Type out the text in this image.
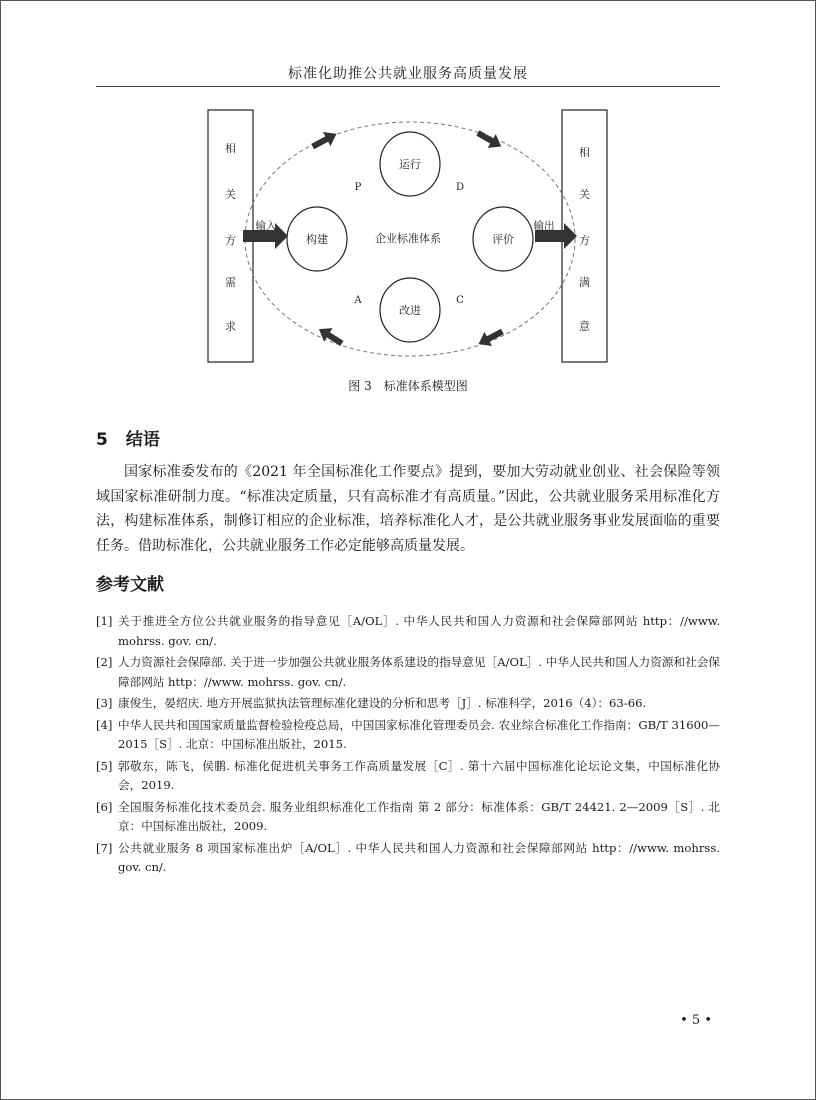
标准化助推公共就业服务高质量发展
相
关
方
需
求
相
关
方
满
意
运行
构建	评价
改进
企业标准体系
P	D
A	C
输入	输出
图 3　标准体系模型图
5 结语
国家标准委发布的《2021 年全国标准化工作要点》提到，要加大劳动就业创业、社会保险等领域国家标准研制力度。“标准决定质量，只有高标准才有高质量。”因此，公共就业服务采用标准化方法，构建标准体系，制修订相应的企业标准，培养标准化人才，是公共就业服务事业发展面临的重要任务。借助标准化，公共就业服务工作必定能够高质量发展。
参考文献
[1] 关于推进全方位公共就业服务的指导意见［A/OL］. 中华人民共和国人力资源和社会保障部网站 http：//www. mohrss. gov. cn/.
[2] 人力资源社会保障部. 关于进一步加强公共就业服务体系建设的指导意见［A/OL］. 中华人民共和国人力资源和社会保障部网站 http：//www. mohrss. gov. cn/.
[3] 康俊生，晏绍庆. 地方开展监狱执法管理标准化建设的分析和思考［J］. 标准科学，2016（4）：63-66.
[4] 中华人民共和国国家质量监督检验检疫总局，中国国家标准化管理委员会. 农业综合标准化工作指南：GB/T 31600—2015［S］. 北京：中国标准出版社，2015.
[5] 郭敬东，陈飞，侯鹏. 标准化促进机关事务工作高质量发展［C］. 第十六届中国标准化论坛论文集，中国标准化协会，2019.
[6] 全国服务标准化技术委员会. 服务业组织标准化工作指南 第 2 部分：标准体系：GB/T 24421. 2—2009［S］. 北京：中国标准出版社，2009.
[7] 公共就业服务 8 项国家标准出炉［A/OL］. 中华人民共和国人力资源和社会保障部网站 http：//www. mohrss. gov. cn/.
• 5 •
